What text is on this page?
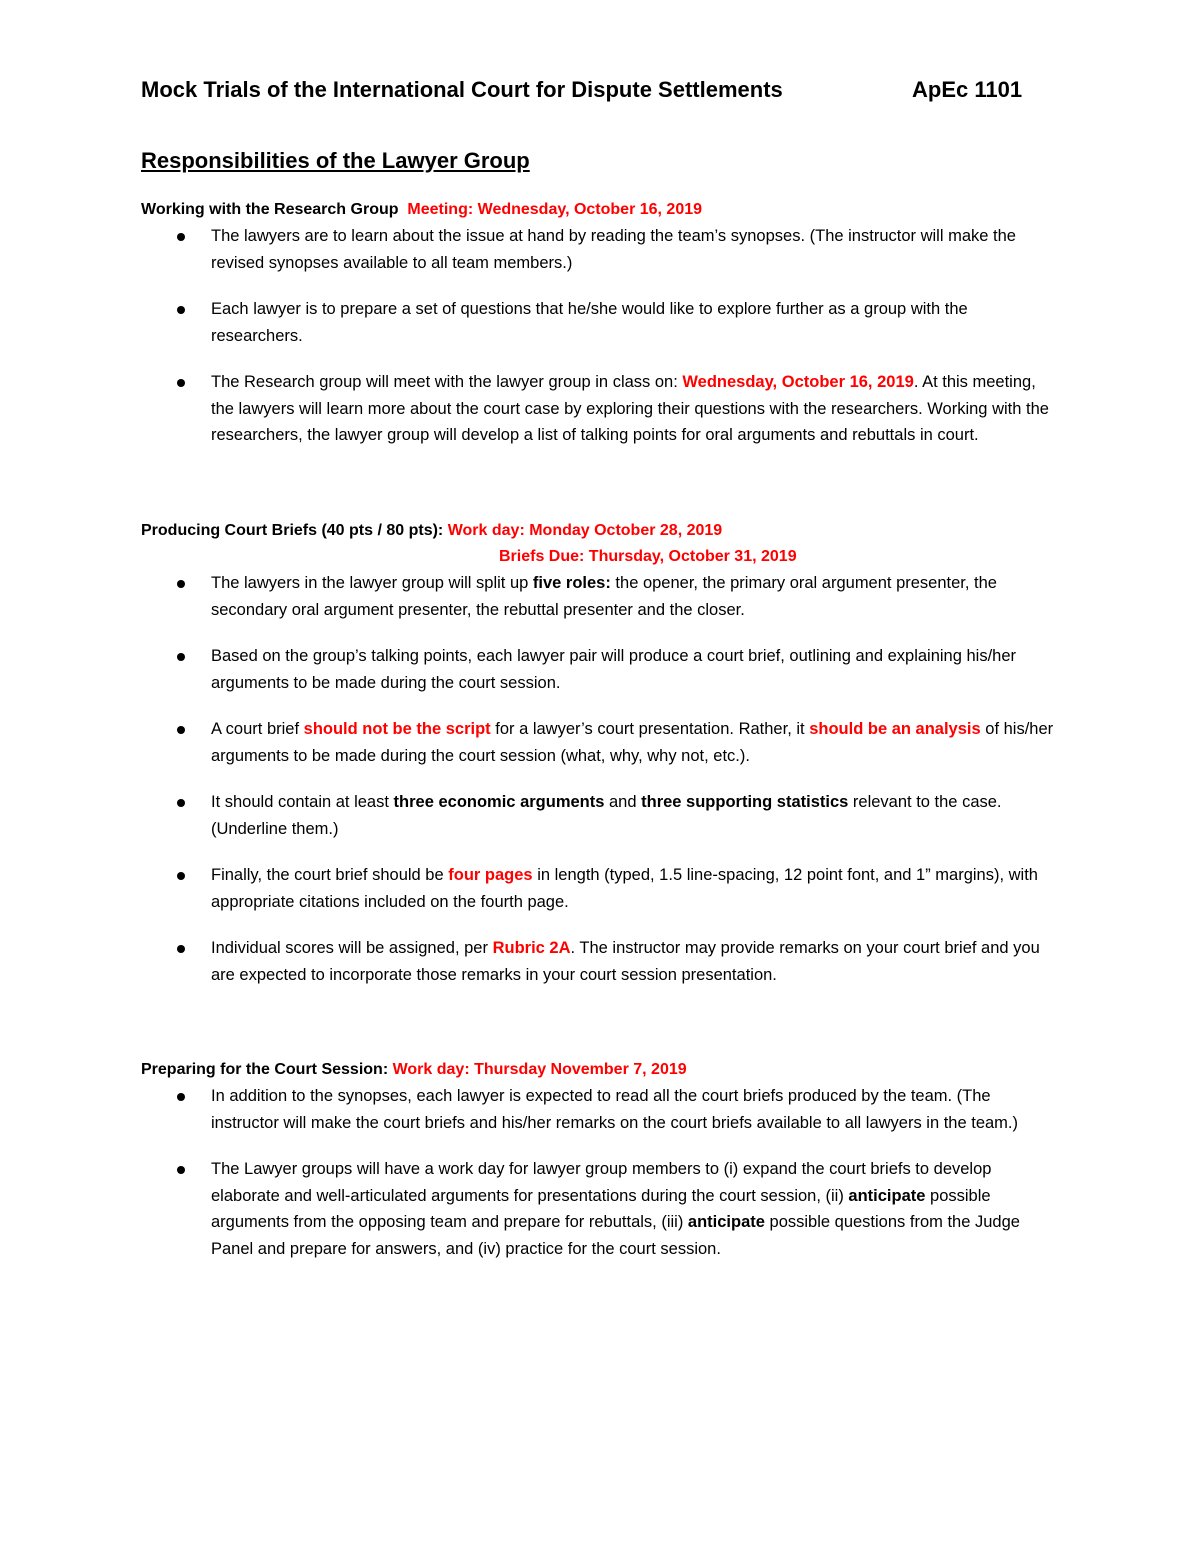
Mock Trials of the International Court for Dispute Settlements	ApEc 1101
Responsibilities of the Lawyer Group
Working with the Research Group Meeting: Wednesday, October 16, 2019
The lawyers are to learn about the issue at hand by reading the team’s synopses. (The instructor will make the revised synopses available to all team members.)
Each lawyer is to prepare a set of questions that he/she would like to explore further as a group with the researchers.
The Research group will meet with the lawyer group in class on: Wednesday, October 16, 2019. At this meeting, the lawyers will learn more about the court case by exploring their questions with the researchers. Working with the researchers, the lawyer group will develop a list of talking points for oral arguments and rebuttals in court.
Producing Court Briefs (40 pts / 80 pts): Work day: Monday October 28, 2019
Briefs Due: Thursday, October 31, 2019
The lawyers in the lawyer group will split up five roles: the opener, the primary oral argument presenter, the secondary oral argument presenter, the rebuttal presenter and the closer.
Based on the group’s talking points, each lawyer pair will produce a court brief, outlining and explaining his/her arguments to be made during the court session.
A court brief should not be the script for a lawyer’s court presentation. Rather, it should be an analysis of his/her arguments to be made during the court session (what, why, why not, etc.).
It should contain at least three economic arguments and three supporting statistics relevant to the case. (Underline them.)
Finally, the court brief should be four pages in length (typed, 1.5 line-spacing, 12 point font, and 1” margins), with appropriate citations included on the fourth page.
Individual scores will be assigned, per Rubric 2A. The instructor may provide remarks on your court brief and you are expected to incorporate those remarks in your court session presentation.
Preparing for the Court Session: Work day: Thursday November 7, 2019
In addition to the synopses, each lawyer is expected to read all the court briefs produced by the team. (The instructor will make the court briefs and his/her remarks on the court briefs available to all lawyers in the team.)
The Lawyer groups will have a work day for lawyer group members to (i) expand the court briefs to develop elaborate and well-articulated arguments for presentations during the court session, (ii) anticipate possible arguments from the opposing team and prepare for rebuttals, (iii) anticipate possible questions from the Judge Panel and prepare for answers, and (iv) practice for the court session.
